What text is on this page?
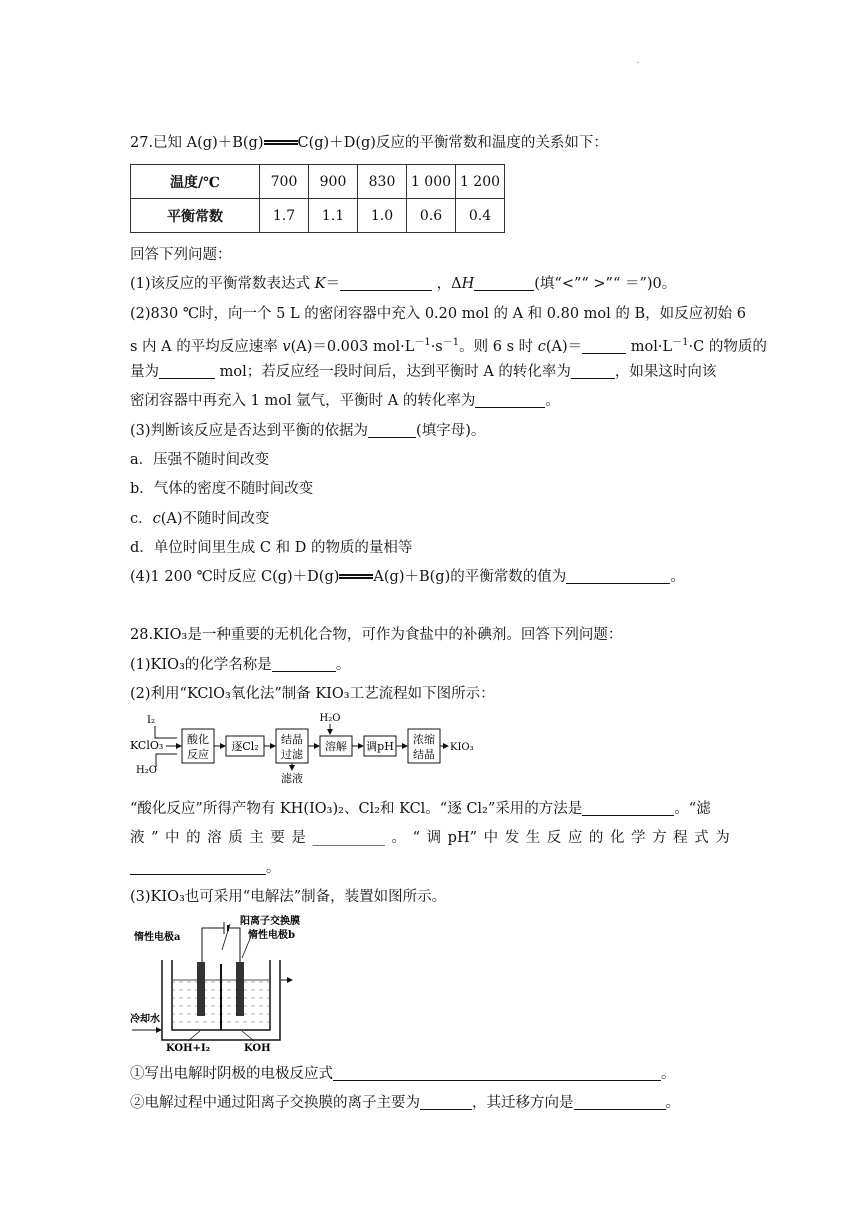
·
27.已知 A(g)＋B(g) C(g)＋D(g)反应的平衡常数和温度的关系如下：
温度/℃	700	900	830	1 000	1 200
平衡常数	1.7	1.1	1.0	0.6	0.4
回答下列问题：
(1)该反应的平衡常数表达式 K＝	，ΔH	(填“<”“ >”“ ＝”)0。
(2)830 ℃时，向一个 5 L 的密闭容器中充入 0.20 mol 的 A 和 0.80 mol 的 B，如反应初始 6
s 内 A 的平均反应速率 v(A)＝0.003 $mol\cdot L^{-1}\cdot s^{-1}$。则 6 s 时 c(A)＝	$mol\cdot L^{-1}\cdot C$ 的物质的
量为	mol；若反应经一段时间后，达到平衡时 A 的转化率为	，如果这时向该
密闭容器中再充入 1 mol 氩气，平衡时 A 的转化率为	。
(3)判断该反应是否达到平衡的依据为	(填字母)。
a．压强不随时间改变
b．气体的密度不随时间改变
c．c(A)不随时间改变
d．单位时间里生成 C 和 D 的物质的量相等
(4)1 200 ℃时反应 C(g)＋D(g) A(g)＋B(g)的平衡常数的值为	。
28.KIO₃是一种重要的无机化合物，可作为食盐中的补碘剂。回答下列问题：
(1)KIO₃的化学名称是	。
(2)利用“KClO₃氧化法”制备 KIO₃工艺流程如下图所示：
I₂
KClO₃
H₂O
酸化
反应
逐Cl₂
结晶
过滤
滤液
H₂O
溶解 调pH
浓缩
结晶
KIO₃
“酸化反应”所得产物有 KH(IO₃)₂、Cl₂和 KCl。“逐 Cl₂”采用的方法是	。“滤
液 ” 中 的 溶 质 主 要 是 __________ 。 “ 调 pH” 中 发 生 反 应 的 化 学 方 程 式 为
。
(3)KIO₃也可采用“电解法”制备，装置如图所示。
惰性电极a
阳离子交换膜
惰性电极b
冷却水
KOH+I₂	KOH
①写出电解时阴极的电极反应式	。
②电解过程中通过阳离子交换膜的离子主要为	，其迁移方向是	。
